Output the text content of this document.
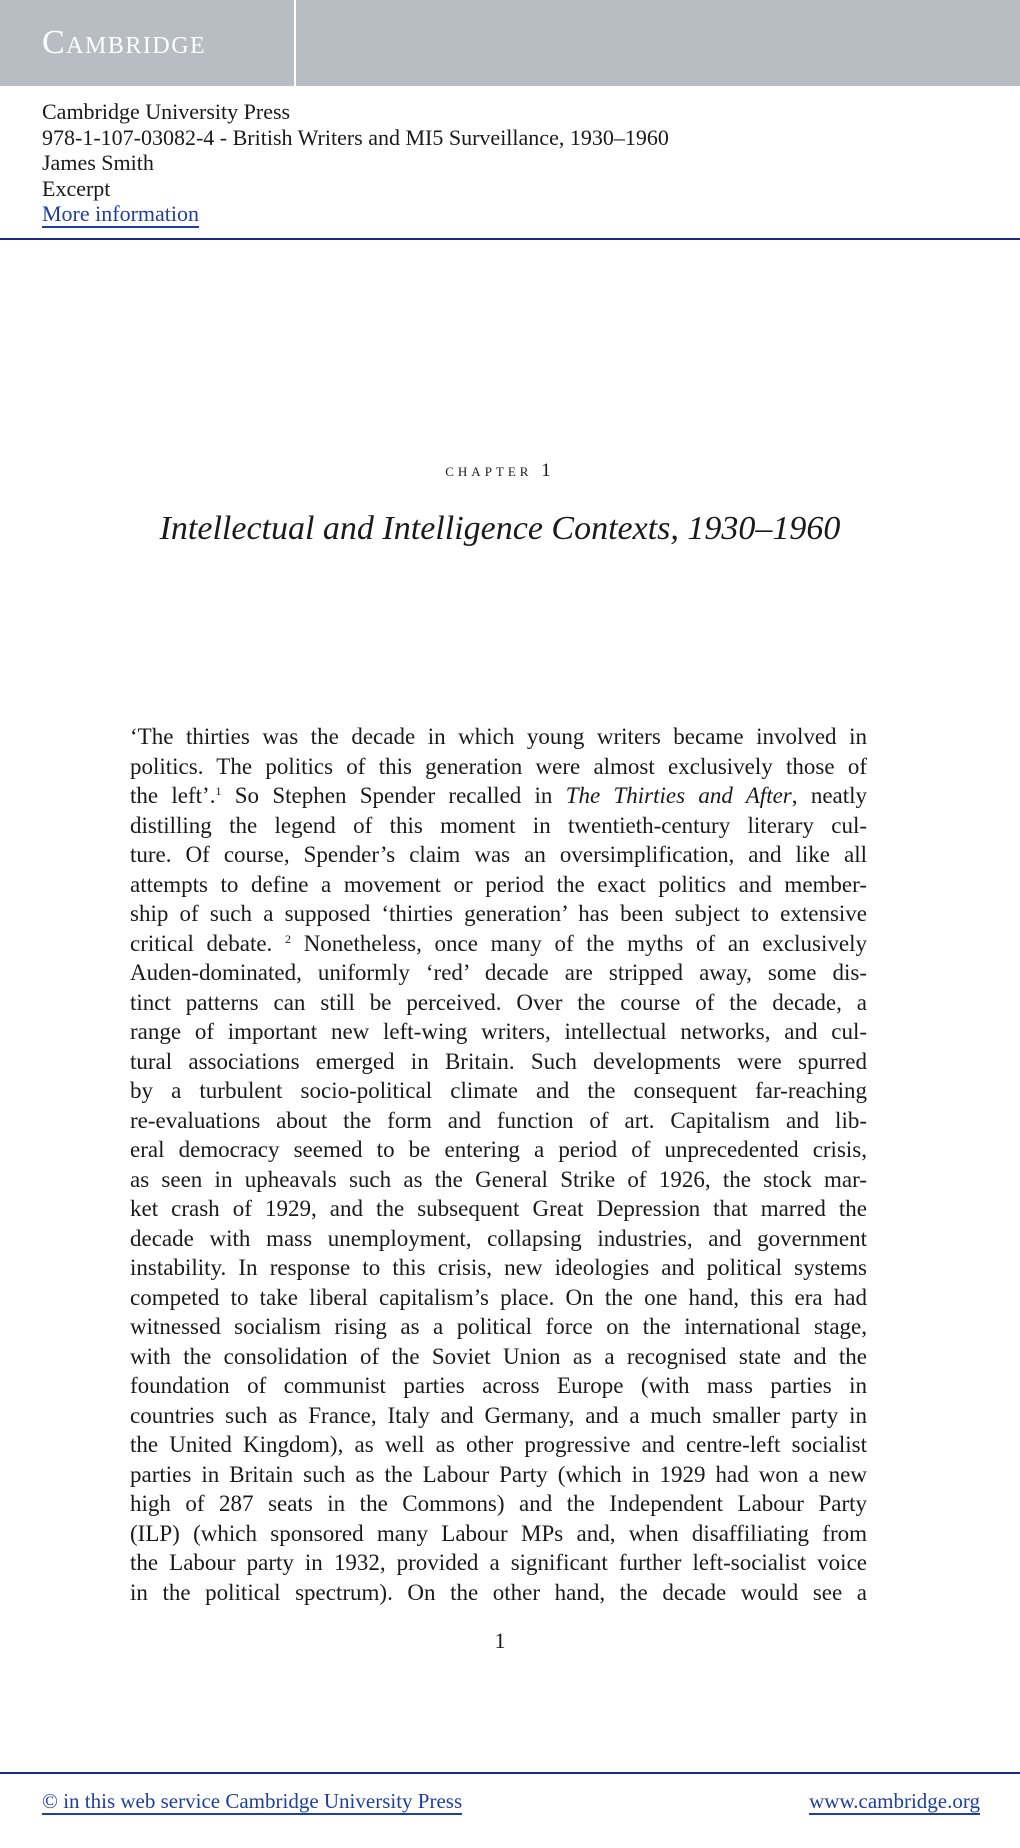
Cambridge
Cambridge University Press
978-1-107-03082-4 - British Writers and MI5 Surveillance, 1930–1960
James Smith
Excerpt
More information
chapter 1
Intellectual and Intelligence Contexts, 1930–1960
‘The thirties was the decade in which young writers became involved in
politics. The politics of this generation were almost exclusively those of
the left’.$^1$ So Stephen Spender recalled in The Thirties and After, neatly
distilling the legend of this moment in twentieth-century literary cul-
ture. Of course, Spender’s claim was an oversimplification, and like all
attempts to define a movement or period the exact politics and member-
ship of such a supposed ‘thirties generation’ has been subject to extensive
critical debate. $^2$ Nonetheless, once many of the myths of an exclusively
Auden-dominated, uniformly ‘red’ decade are stripped away, some dis-
tinct patterns can still be perceived. Over the course of the decade, a
range of important new left-wing writers, intellectual networks, and cul-
tural associations emerged in Britain. Such developments were spurred
by a turbulent socio-political climate and the consequent far-reaching
re-evaluations about the form and function of art. Capitalism and lib-
eral democracy seemed to be entering a period of unprecedented crisis,
as seen in upheavals such as the General Strike of 1926, the stock mar-
ket crash of 1929, and the subsequent Great Depression that marred the
decade with mass unemployment, collapsing industries, and government
instability. In response to this crisis, new ideologies and political systems
competed to take liberal capitalism’s place. On the one hand, this era had
witnessed socialism rising as a political force on the international stage,
with the consolidation of the Soviet Union as a recognised state and the
foundation of communist parties across Europe (with mass parties in
countries such as France, Italy and Germany, and a much smaller party in
the United Kingdom), as well as other progressive and centre-left socialist
parties in Britain such as the Labour Party (which in 1929 had won a new
high of 287 seats in the Commons) and the Independent Labour Party
(ILP) (which sponsored many Labour MPs and, when disaffiliating from
the Labour party in 1932, provided a significant further left-socialist voice
in the political spectrum). On the other hand, the decade would see a
1
© in this web service Cambridge University Press	www.cambridge.org
